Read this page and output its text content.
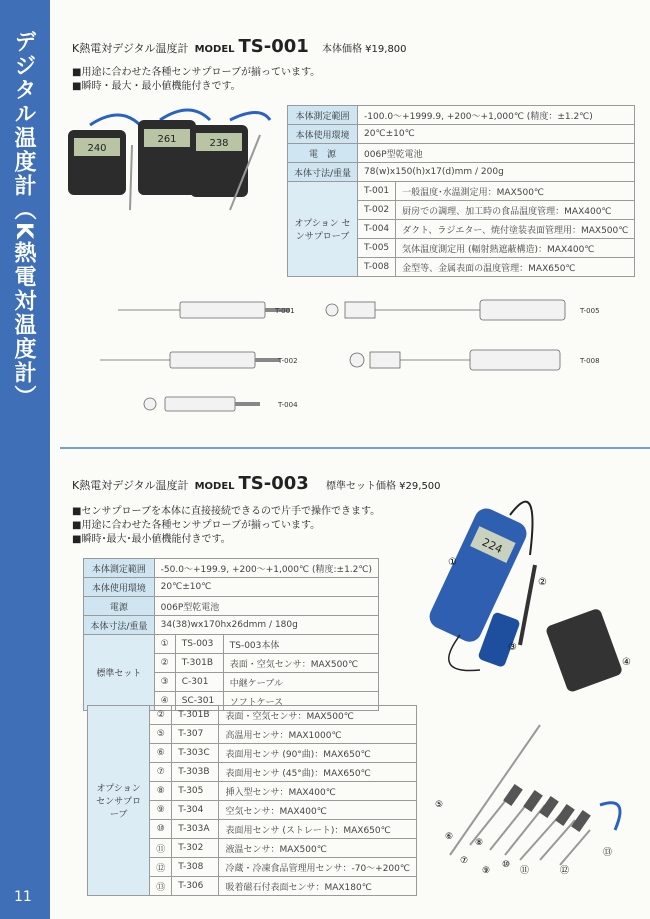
デジタル温度計（K熱電対温度計）
11
K熱電対デジタル温度計 MODEL TS-001 本体価格 ¥19,800
■用途に合わせた各種センサプローブが揃っています。
■瞬時・最大・最小値機能付きです。
240
261	238
本体測定範囲	-100.0～+1999.9, +200～+1,000℃ (精度：±1.2℃)	
本体使用環境	20℃±10℃	
電　源	006P型乾電池	
本体寸法/重量	78(w)x150(h)x17(d)mm / 200g	
オプション センサプローブ	T-001	一般温度･水温測定用：MAX500℃
	T-002	厨房での調理、加工時の食品温度管理：MAX400℃
	T-004	ダクト、ラジエター、焼付塗装表面管理用：MAX500℃
	T-005	気体温度測定用 (輻射熱遮蔽構造)：MAX400℃
	T-008	金型等、金属表面の温度管理：MAX650℃
T-001
T-002
T-004
T-005
T-008
K熱電対デジタル温度計 MODEL TS-003 標準セット価格 ¥29,500
■センサプローブを本体に直接接続できるので片手で操作できます。
■用途に合わせた各種センサプローブが揃っています。
■瞬時･最大･最小値機能付きです。
本体測定範囲	-50.0～+199.9, +200～+1,000℃ (精度:±1.2℃)		
本体使用環境	20℃±10℃		
電源	006P型乾電池		
本体寸法/重量	34(38)wx170hx26dmm / 180g		
標準セット	①	TS-003	TS-003本体
	②	T-301B	表面・空気センサ：MAX500℃
	③	C-301	中継ケーブル
	④	SC-301	ソフトケース
オプション センサプローブ	②	T-301B	表面・空気センサ：MAX500℃
	⑤	T-307	高温用センサ：MAX1000℃
	⑥	T-303C	表面用センサ (90°曲)：MAX650℃
	⑦	T-303B	表面用センサ (45°曲)：MAX650℃
	⑧	T-305	挿入型センサ：MAX400℃
	⑨	T-304	空気センサ：MAX400℃
	⑩	T-303A	表面用センサ (ストレート)：MAX650℃
	⑪	T-302	液温センサ：MAX500℃
	⑫	T-308	冷蔵・冷凍食品管理用センサ：-70～+200℃
	⑬	T-306	吸着磁石付表面センサ：MAX180℃
224
①
②
③
④
⑤
⑥
⑦
⑧
⑨
⑩
⑪	⑫
⑬
